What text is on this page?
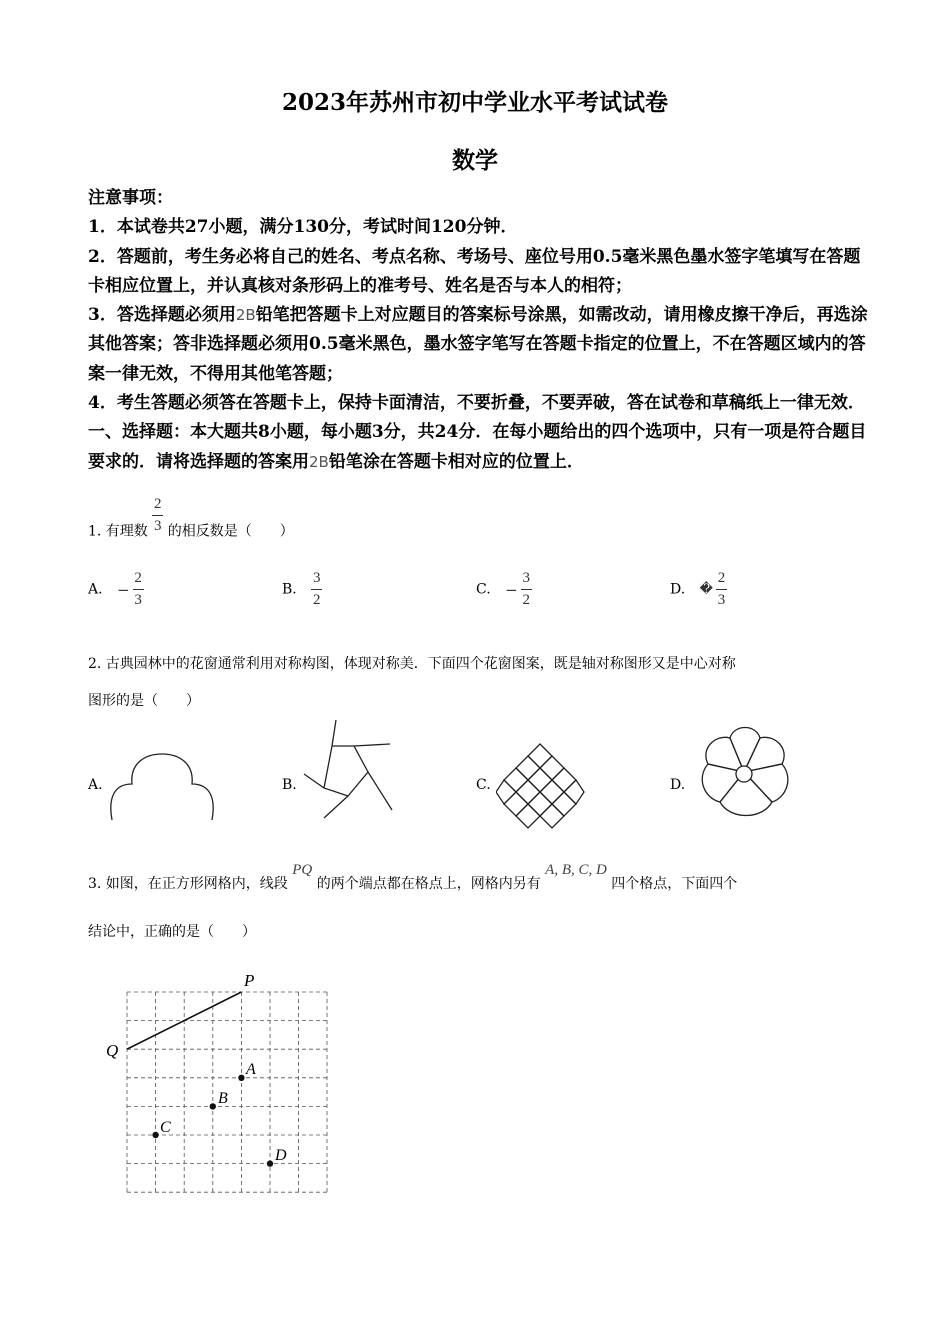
2023年苏州市初中学业水平考试试卷
数学

注意事项：

1．本试卷共27小题，满分130分，考试时间120分钟．

2．答题前，考生务必将自己的姓名、考点名称、考场号、座位号用0.5毫米黑色墨水签字笔填写在答题卡相应位置上，并认真核对条形码上的准考号、姓名是否与本人的相符；

3．答选择题必须用2B铅笔把答题卡上对应题目的答案标号涂黑，如需改动，请用橡皮擦干净后，再选涂其他答案；答非选择题必须用0.5毫米黑色，墨水签字笔写在答题卡指定的位置上，不在答题区域内的答案一律无效，不得用其他笔答题；

4．考生答题必须答在答题卡上，保持卡面清洁，不要折叠，不要弄破，答在试卷和草稿纸上一律无效．

一、选择题：本大题共8小题，每小题3分，共24分．在每小题给出的四个选项中，只有一项是符合题目要求的．请将选择题的答案用2B铅笔涂在答题卡相对应的位置上．

1. 有理数 $\frac{2}{3}$ 的相反数是（　　）
A. − $\frac{2}{3}$	B. $\frac{3}{2}$	C. − $\frac{3}{2}$	D. � $\frac{2}{3}$
2. 古典园林中的花窗通常利用对称构图，体现对称美．下面四个花窗图案，既是轴对称图形又是中心对称
图形的是（　　）
A.	B.	C.	D.
3. 如图，在正方形网格内，线段 PQ 的两个端点都在格点上，网格内另有 A, B, C, D 四个格点，下面四个
结论中，正确的是（　　）
P
Q
A
B
C
D
